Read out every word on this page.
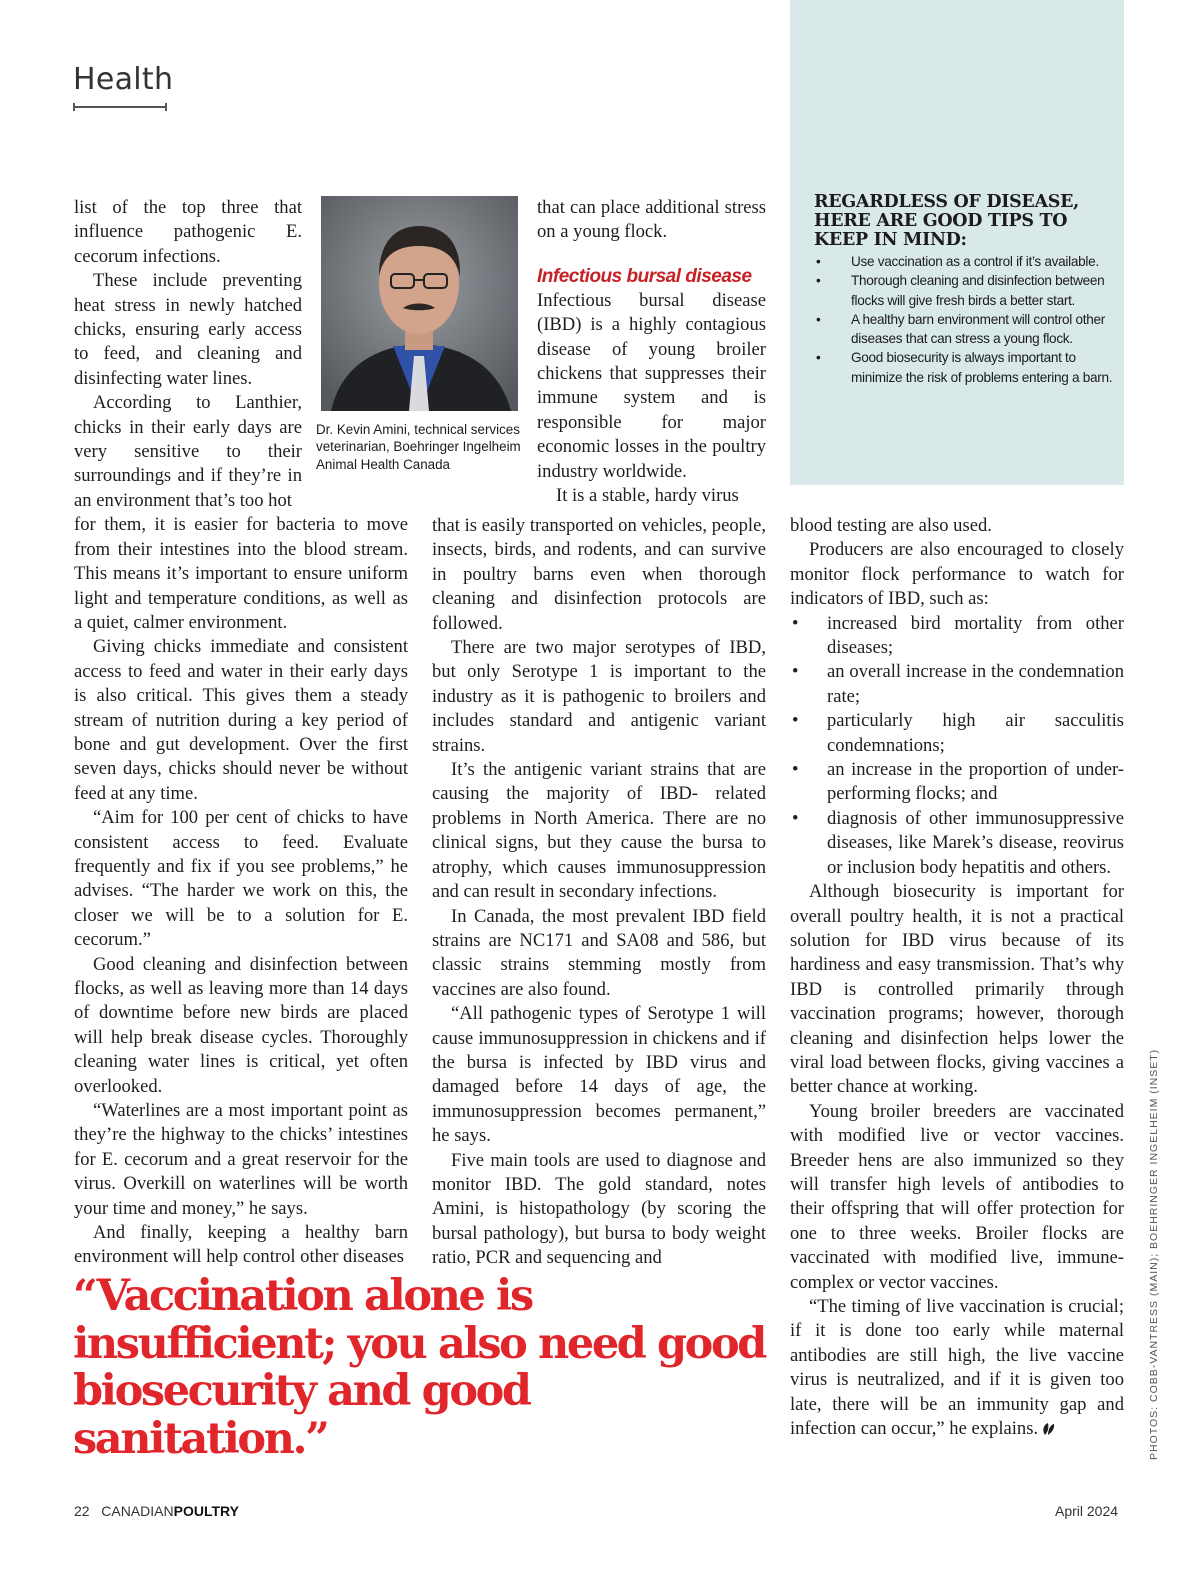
Health
REGARDLESS OF DISEASE, HERE ARE GOOD TIPS TO KEEP IN MIND:
• Use vaccination as a control if it’s available.
• Thorough cleaning and disinfection between flocks will give fresh birds a better start.
• A healthy barn environment will control other diseases that can stress a young flock.
• Good biosecurity is always important to minimize the risk of problems entering a barn.
Dr. Kevin Amini, technical services veterinarian, Boehringer Ingelheim Animal Health Canada

list of the top three that influence pathogenic E. cecorum infections.

These include preventing heat stress in newly hatched chicks, ensuring early access to feed, and cleaning and disinfecting water lines.

According to Lanthier, chicks in their early days are very sensitive to their surroundings and if they’re in an environment that’s too hot

for them, it is easier for bacteria to move from their intestines into the blood stream. This means it’s important to ensure uniform light and temperature conditions, as well as a quiet, calmer environment.

Giving chicks immediate and consistent access to feed and water in their early days is also critical. This gives them a steady stream of nutrition during a key period of bone and gut development. Over the first seven days, chicks should never be without feed at any time.

“Aim for 100 per cent of chicks to have consistent access to feed. Evaluate frequently and fix if you see problems,” he advises. “The harder we work on this, the closer we will be to a solution for E. cecorum.”

Good cleaning and disinfection between flocks, as well as leaving more than 14 days of downtime before new birds are placed will help break disease cycles. Thoroughly cleaning water lines is critical, yet often overlooked.

“Waterlines are a most important point as they’re the highway to the chicks’ intestines for E. cecorum and a great reservoir for the virus. Overkill on waterlines will be worth your time and money,” he says.

And finally, keeping a healthy barn environment will help control other diseases

that can place additional stress on a young flock.

Infectious bursal disease

Infectious bursal disease (IBD) is a highly contagious disease of young broiler chickens that suppresses their immune system and is responsible for major economic losses in the poultry industry worldwide.

It is a stable, hardy virus

that is easily transported on vehicles, people, insects, birds, and rodents, and can survive in poultry barns even when thorough cleaning and disinfection protocols are followed.

There are two major serotypes of IBD, but only Serotype 1 is important to the industry as it is pathogenic to broilers and includes standard and antigenic variant strains.

It’s the antigenic variant strains that are causing the majority of IBD- related problems in North America. There are no clinical signs, but they cause the bursa to atrophy, which causes immunosuppression and can result in secondary infections.

In Canada, the most prevalent IBD field strains are NC171 and SA08 and 586, but classic strains stemming mostly from vaccines are also found.

“All pathogenic types of Serotype 1 will cause immunosuppression in chickens and if the bursa is infected by IBD virus and damaged before 14 days of age, the immunosuppression becomes permanent,” he says.

Five main tools are used to diagnose and monitor IBD. The gold standard, notes Amini, is histopathology (by scoring the bursal pathology), but bursa to body weight ratio, PCR and sequencing and

blood testing are also used.

Producers are also encouraged to closely monitor flock performance to watch for indicators of IBD, such as:

• increased bird mortality from other diseases;
• an overall increase in the condemnation rate;
• particularly high air sacculitis condemnations;
• an increase in the proportion of under-performing flocks; and
• diagnosis of other immunosuppressive diseases, like Marek’s disease, reovirus or inclusion body hepatitis and others.

Although biosecurity is important for overall poultry health, it is not a practical solution for IBD virus because of its hardiness and easy transmission. That’s why IBD is controlled primarily through vaccination programs; however, thorough cleaning and disinfection helps lower the viral load between flocks, giving vaccines a better chance at working.

Young broiler breeders are vaccinated with modified live or vector vaccines. Breeder hens are also immunized so they will transfer high levels of antibodies to their offspring that will offer protection for one to three weeks. Broiler flocks are vaccinated with modified live, immune-complex or vector vaccines.

“The timing of live vaccination is crucial; if it is done too early while maternal antibodies are still high, the live vaccine virus is neutralized, and if it is given too late, there will be an immunity gap and infection can occur,” he explains.

“Vaccination alone is insufficient; you also need good biosecurity and good sanitation.”	PHOTOS: COBB-VANTRESS (MAIN); BOEHRINGER INGELHEIM (INSET)
22 CANADIANPOULTRY	April 2024
